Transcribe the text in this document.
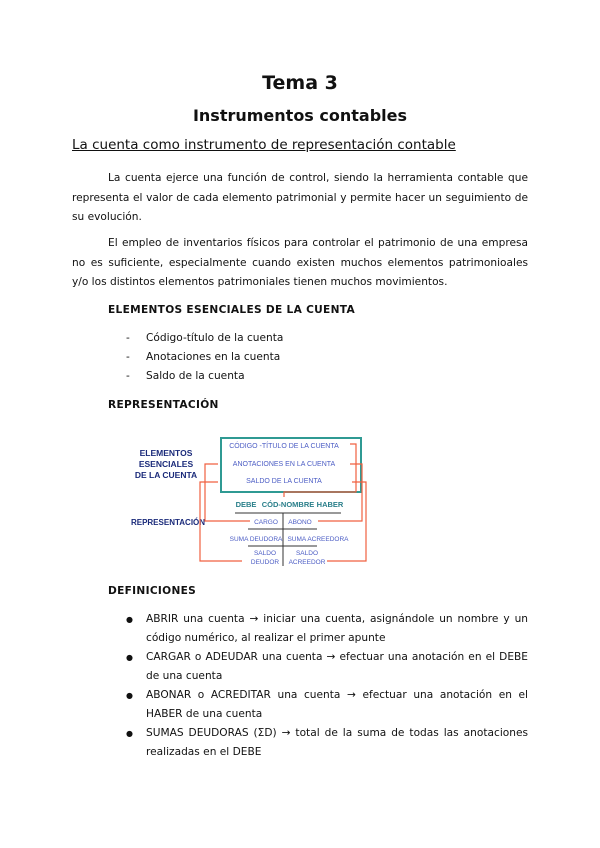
Tema 3
Instrumentos contables
La cuenta como instrumento de representación contable
La cuenta ejerce una función de control, siendo la herramienta contable que representa el valor de cada elemento patrimonial y permite hacer un seguimiento de su evolución.
El empleo de inventarios físicos para controlar el patrimonio de una empresa no es suficiente, especialmente cuando existen muchos elementos patrimonioales y/o los distintos elementos patrimoniales tienen muchos movimientos.
ELEMENTOS ESENCIALES DE LA CUENTA
- Código-título de la cuenta
- Anotaciones en la cuenta
- Saldo de la cuenta
REPRESENTACIÓN
ELEMENTOS
ESENCIALES
DE LA CUENTA
REPRESENTACIÓN
CÓDIGO -TÍTULO DE LA CUENTA
ANOTACIONES EN LA CUENTA
SALDO DE LA CUENTA
DEBE CÓD-NOMBRE HABER
CARGO ABONO
SUMA DEUDORA SUMA ACREEDORA
SALDO
DEUDOR
SALDO
ACREEDOR
DEFINICIONES
● ABRIR una cuenta → iniciar una cuenta, asignándole un nombre y un código numérico, al realizar el primer apunte
● CARGAR o ADEUDAR una cuenta → efectuar una anotación en el DEBE de una cuenta
● ABONAR o ACREDITAR una cuenta → efectuar una anotación en el HABER de una cuenta
● SUMAS DEUDORAS (ΣD) → total de la suma de todas las anotaciones realizadas en el DEBE
